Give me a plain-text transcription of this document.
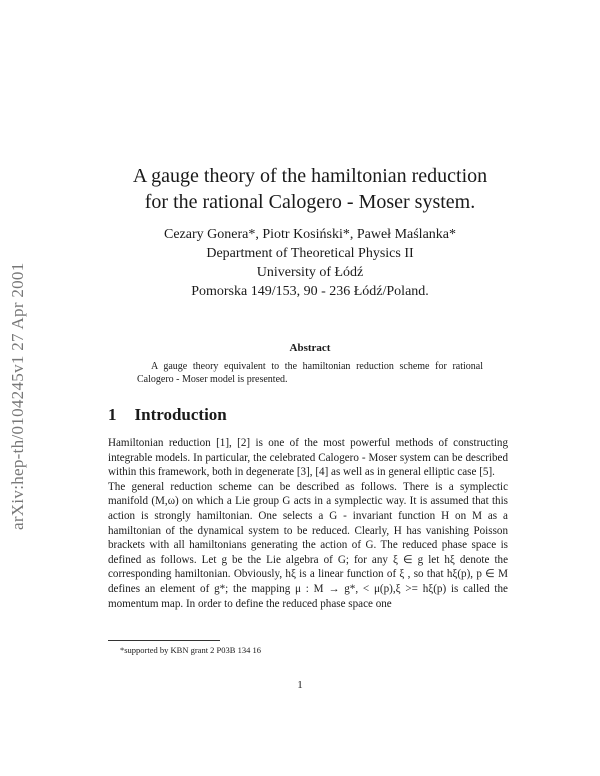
arXiv:hep-th/0104245v1 27 Apr 2001
A gauge theory of the hamiltonian reduction
for the rational Calogero - Moser system.
Cezary Gonera*, Piotr Kosiński*, Paweł Maślanka*
Department of Theoretical Physics II
University of Łódź
Pomorska 149/153, 90 - 236 Łódź/Poland.
Abstract
A gauge theory equivalent to the hamiltonian reduction scheme for rational Calogero - Moser model is presented.
1 Introduction

Hamiltonian reduction [1], [2] is one of the most powerful methods of constructing integrable models. In particular, the celebrated Calogero - Moser system can be described within this framework, both in degenerate [3], [4] as well as in general elliptic case [5].

The general reduction scheme can be described as follows. There is a symplectic manifold (M,ω) on which a Lie group G acts in a symplectic way. It is assumed that this action is strongly hamiltonian. One selects a G - invariant function H on M as a hamiltonian of the dynamical system to be reduced. Clearly, H has vanishing Poisson brackets with all hamiltonians generating the action of G. The reduced phase space is defined as follows. Let g be the Lie algebra of G; for any ξ ∈ g let hξ denote the corresponding hamiltonian. Obviously, hξ is a linear function of ξ , so that hξ(p), p ∈ M defines an element of g*; the mapping μ : M → g*, < μ(p),ξ >= hξ(p) is called the momentum map. In order to define the reduced phase space one

*supported by KBN grant 2 P03B 134 16
1
